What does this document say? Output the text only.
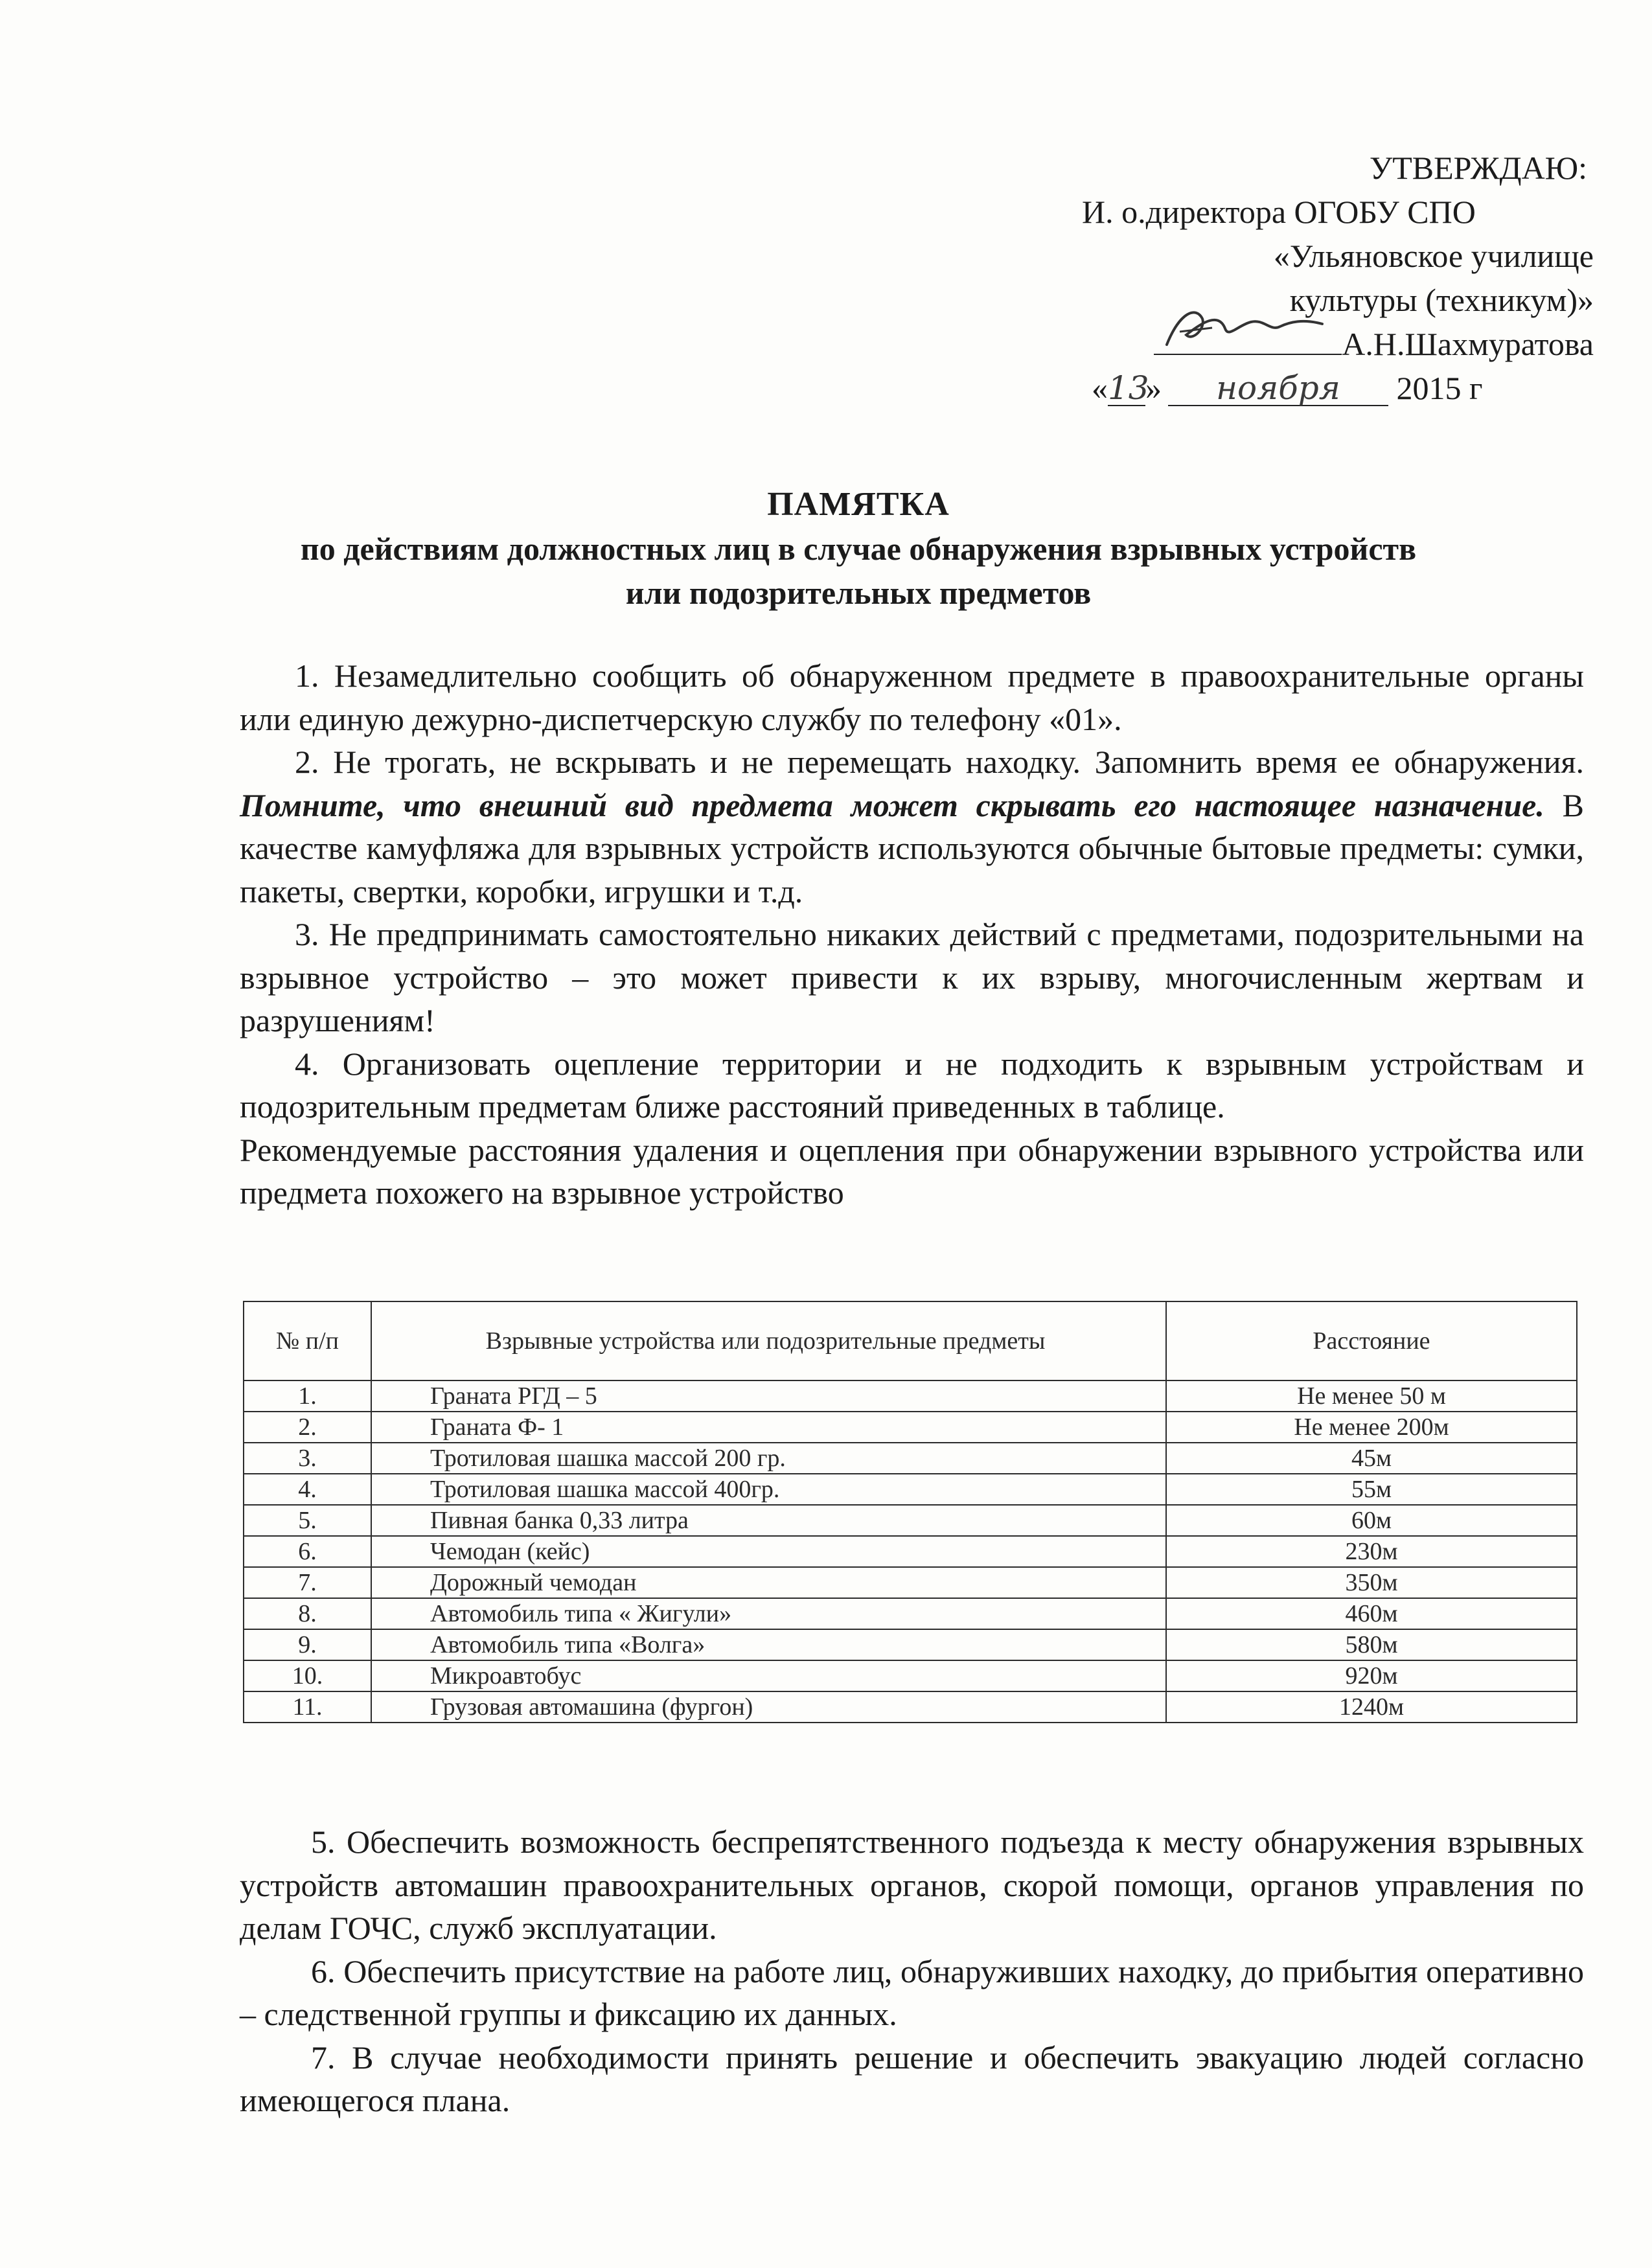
УТВЕРЖДАЮ:
И. о.директора ОГОБУ СПО
«Ульяновское училище
культуры (техникум)»
А.Н.Шахмуратова
«13» ноября 2015 г
ПАМЯТКА
по действиям должностных лиц в случае обнаружения взрывных устройств
или подозрительных предметов

1. Незамедлительно сообщить об обнаруженном предмете в правоохранительные органы или единую дежурно-диспетчерскую службу по телефону «01».

2. Не трогать, не вскрывать и не перемещать находку. Запомнить время ее обнаружения. Помните, что внешний вид предмета может скрывать его настоящее назначение. В качестве камуфляжа для взрывных устройств используются обычные бытовые предметы: сумки, пакеты, свертки, коробки, игрушки и т.д.

3. Не предпринимать самостоятельно никаких действий с предметами, подозрительными на взрывное устройство – это может привести к их взрыву, многочисленным жертвам и разрушениям!

4. Организовать оцепление территории и не подходить к взрывным устройствам и подозрительным предметам ближе расстояний приведенных в таблице.

Рекомендуемые расстояния удаления и оцепления при обнаружении взрывного устройства или предмета похожего на взрывное устройство

№ п/п	Взрывные устройства или подозрительные предметы	Расстояние
1.	Граната РГД – 5	Не менее 50 м
2.	Граната Ф- 1	Не менее 200м
3.	Тротиловая шашка массой 200 гр.	45м
4.	Тротиловая шашка массой 400гр.	55м
5.	Пивная банка 0,33 литра	60м
6.	Чемодан (кейс)	230м
7.	Дорожный чемодан	350м
8.	Автомобиль типа « Жигули»	460м
9.	Автомобиль типа «Волга»	580м
10.	Микроавтобус	920м
11.	Грузовая автомашина (фургон)	1240м

5. Обеспечить возможность беспрепятственного подъезда к месту обнаружения взрывных устройств автомашин правоохранительных органов, скорой помощи, органов управления по делам ГОЧС, служб эксплуатации.

6. Обеспечить присутствие на работе лиц, обнаруживших находку, до прибытия оперативно – следственной группы и фиксацию их данных.

7. В случае необходимости принять решение и обеспечить эвакуацию людей согласно имеющегося плана.
